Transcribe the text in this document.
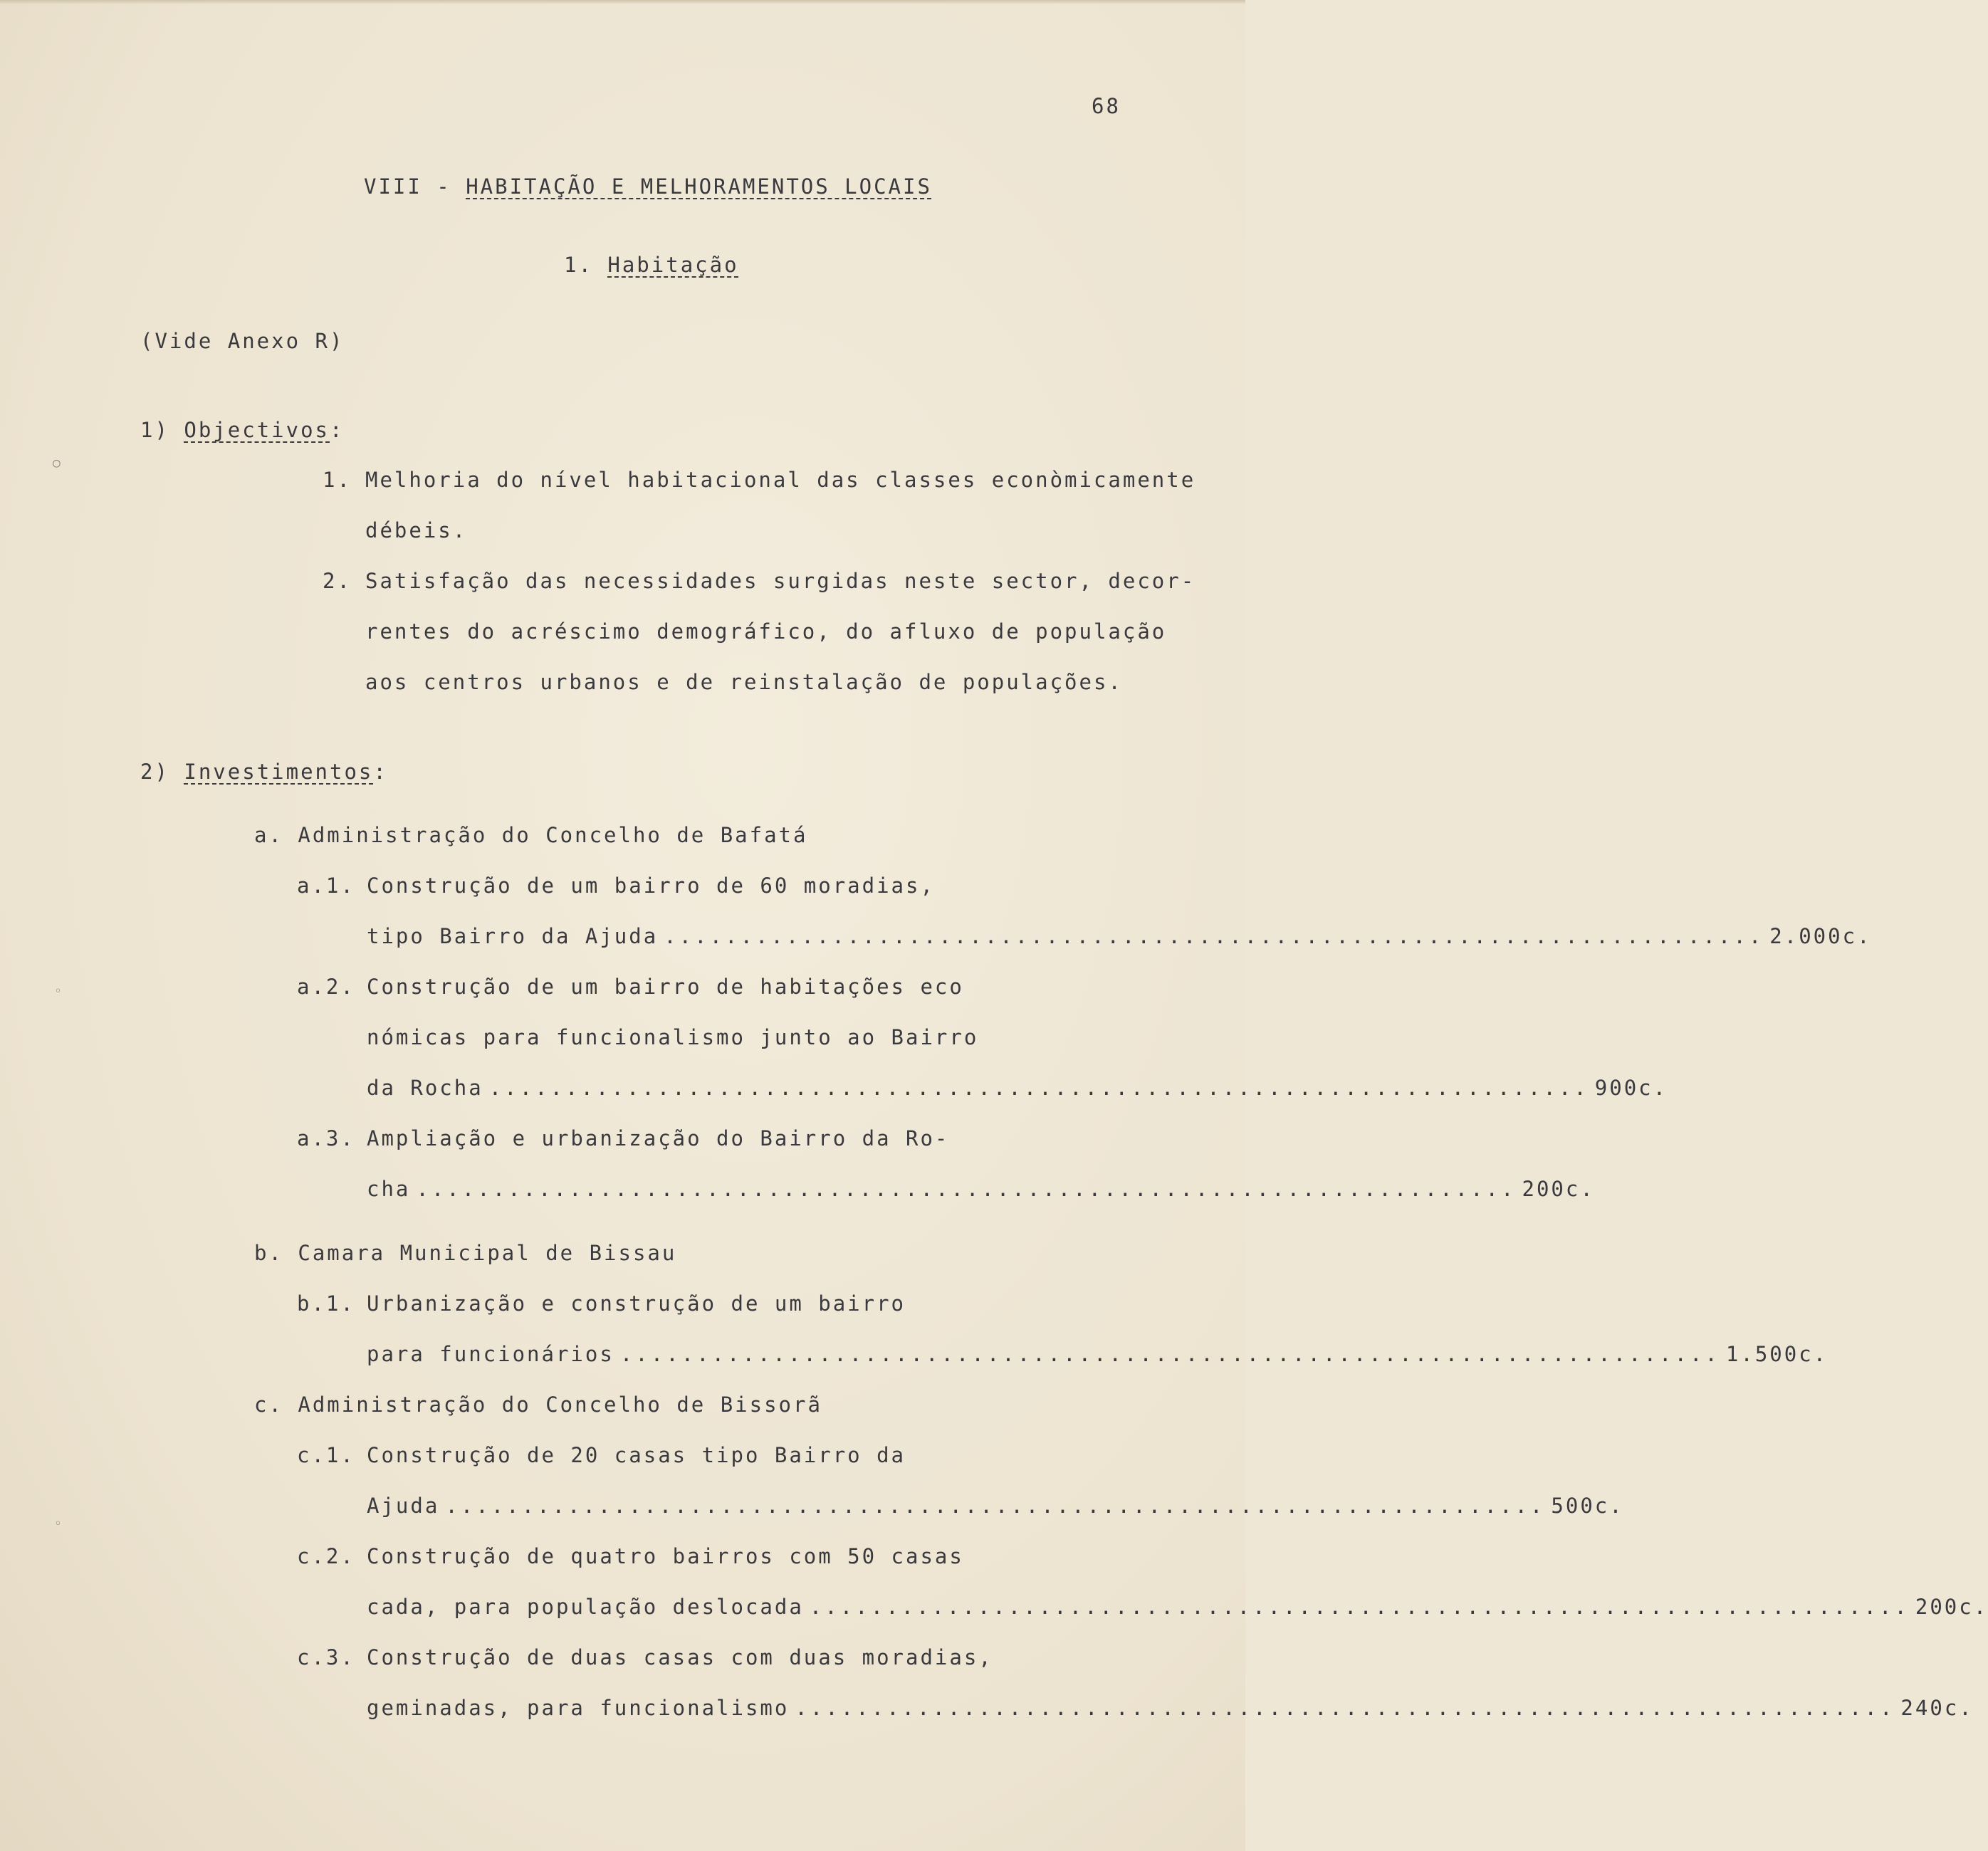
○
◦
◦
68
VIII - HABITAÇÃO E MELHORAMENTOS LOCAIS
1. Habitação
(Vide Anexo R)
1) Objectivos:
1. Melhoria do nível habitacional das classes econòmicamente
débeis.
2. Satisfação das necessidades surgidas neste sector, decor-
rentes do acréscimo demográfico, do afluxo de população
aos centros urbanos e de reinstalação de populações.
2) Investimentos:
a. Administração do Concelho de Bafatá
a.1. Construção de um bairro de 60 moradias,
tipo Bairro da Ajuda ........................................................................ 2.000 c.
a.2. Construção de um bairro de habitações eco
nómicas para funcionalismo junto ao Bairro
da Rocha ........................................................................ 900 c.
a.3. Ampliação e urbanização do Bairro da Ro-
cha ........................................................................ 200 c.
b. Camara Municipal de Bissau
b.1. Urbanização e construção de um bairro
para funcionários ........................................................................ 1.500 c.
c. Administração do Concelho de Bissorã
c.1. Construção de 20 casas tipo Bairro da
Ajuda ........................................................................ 500 c.
c.2. Construção de quatro bairros com 50 casas
cada, para população deslocada ........................................................................ 200 c.
c.3. Construção de duas casas com duas moradias,
geminadas, para funcionalismo ........................................................................ 240 c.
